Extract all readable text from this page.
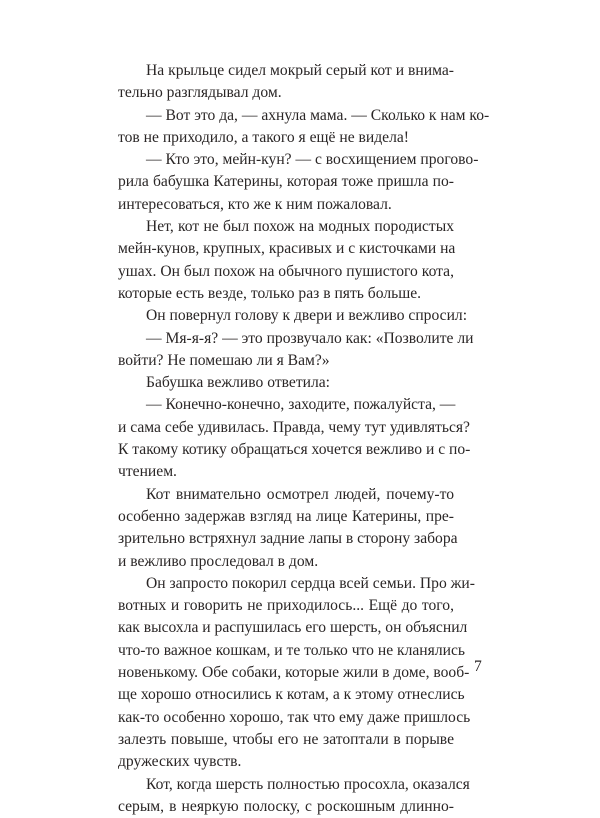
На крыльце сидел мокрый серый кот и внима-
тельно разглядывал дом.
— Вот это да, — ахнула мама. — Сколько к нам ко-
тов не приходило, а такого я ещё не видела!
— Кто это, мейн-кун? — с восхищением прогово-
рила бабушка Катерины, которая тоже пришла по-
интересоваться, кто же к ним пожаловал.
Нет, кот не был похож на модных породистых
мейн-кунов, крупных, красивых и с кисточками на
ушах. Он был похож на обычного пушистого кота,
которые есть везде, только раз в пять больше.
Он повернул голову к двери и вежливо спросил:
— Мя-я-я? — это прозвучало как: «Позволите ли
войти? Не помешаю ли я Вам?»
Бабушка вежливо ответила:
— Конечно-конечно, заходите, пожалуйста, —
и сама себе удивилась. Правда, чему тут удивляться?
К такому котику обращаться хочется вежливо и с по-
чтением.
Кот внимательно осмотрел людей, почему-то
особенно задержав взгляд на лице Катерины, пре-
зрительно встряхнул задние лапы в сторону забора
и вежливо проследовал в дом.
Он запросто покорил сердца всей семьи. Про жи-
вотных и говорить не приходилось... Ещё до того,
как высохла и распушилась его шерсть, он объяснил
что-то важное кошкам, и те только что не кланялись
новенькому. Обе собаки, которые жили в доме, вооб-
ще хорошо относились к котам, а к этому отнеслись
как-то особенно хорошо, так что ему даже пришлось
залезть повыше, чтобы его не затоптали в порыве
дружеских чувств.
Кот, когда шерсть полностью просохла, оказался
серым, в неяркую полоску, с роскошным длинно-
7
